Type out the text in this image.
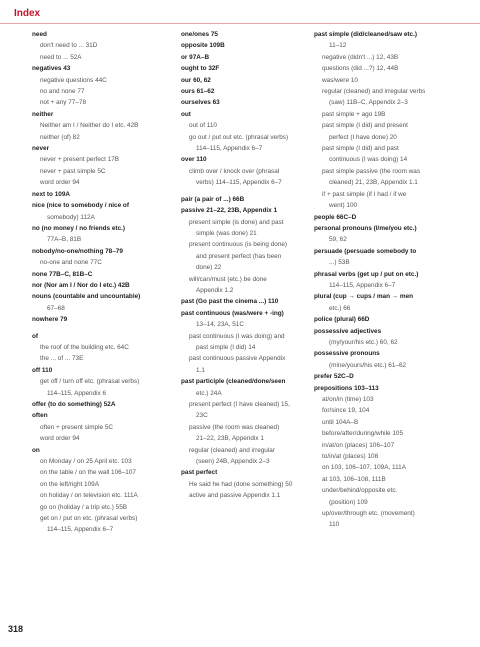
Index
need
don't need to ... 31D
need to ... 52A
negatives 43
negative questions 44C
no and none 77
not + any 77–78
neither
Neither am I / Neither do I etc. 42B
neither (of) 82
never
never + present perfect 17B
never + past simple 5C
word order 94
next to 109A
nice (nice to somebody / nice of
somebody) 112A
no (no money / no friends etc.)
77A–B, 81B
nobody/no-one/nothing 78–79
no-one and none 77C
none 77B–C, 81B–C
nor (Nor am I / Nor do I etc.) 42B
nouns (countable and uncountable)
67–68
nowhere 79
of
the roof of the building etc. 64C
the ... of ... 73E
off 110
get off / turn off etc. (phrasal verbs)
114–115, Appendix 6
offer (to do something) 52A
often
often + present simple 5C
word order 94
on
on Monday / on 25 April etc. 103
on the table / on the wall 106–107
on the left/right 109A
on holiday / on television etc. 111A
go on (holiday / a trip etc.) 55B
get on / put on etc. (phrasal verbs)
114–115, Appendix 6–7
one/ones 75
opposite 109B
or 97A–B
ought to 32F
our 60, 62
ours 61–62
ourselves 63
out
out of 110
go out / put out etc. (phrasal verbs)
114–115, Appendix 6–7
over 110
climb over / knock over (phrasal
verbs) 114–115, Appendix 6–7
pair (a pair of ...) 66B
passive 21–22, 23B, Appendix 1
present simple (is done) and past
simple (was done) 21
present continuous (is being done)
and present perfect (has been
done) 22
will/can/must (etc.) be done
Appendix 1.2
past (Go past the cinema ...) 110
past continuous (was/were + -ing)
13–14, 23A, 51C
past continuous (I was doing) and
past simple (I did) 14
past continuous passive Appendix
1.1
past participle (cleaned/done/seen
etc.) 24A
present perfect (I have cleaned) 15,
23C
passive (the room was cleaned)
21–22, 23B, Appendix 1
regular (cleaned) and irregular
(seen) 24B, Appendix 2–3
past perfect
He said he had (done something) 50
active and passive Appendix 1.1
past simple (did/cleaned/saw etc.)
11–12
negative (didn't ...) 12, 43B
questions (did ...?) 12, 44B
was/were 10
regular (cleaned) and irregular verbs
(saw) 11B–C, Appendix 2–3
past simple + ago 19B
past simple (I did) and present
perfect (I have done) 20
past simple (I did) and past
continuous (I was doing) 14
past simple passive (the room was
cleaned) 21, 23B, Appendix 1.1
if + past simple (if I had / if we
went) 100
people 66C–D
personal pronouns (I/me/you etc.)
59, 62
persuade (persuade somebody to
...) 53B
phrasal verbs (get up / put on etc.)
114–115, Appendix 6–7
plural (cup → cups / man → men
etc.) 66
police (plural) 66D
possessive adjectives
(my/your/his etc.) 60, 62
possessive pronouns
(mine/yours/his etc.) 61–62
prefer 52C–D
prepositions 103–113
at/on/in (time) 103
for/since 19, 104
until 104A–B
before/after/during/while 105
in/at/on (places) 106–107
to/in/at (places) 108
on 103, 106–107, 109A, 111A
at 103, 106–108, 111B
under/behind/opposite etc.
(position) 109
up/over/through etc. (movement)
110
318
